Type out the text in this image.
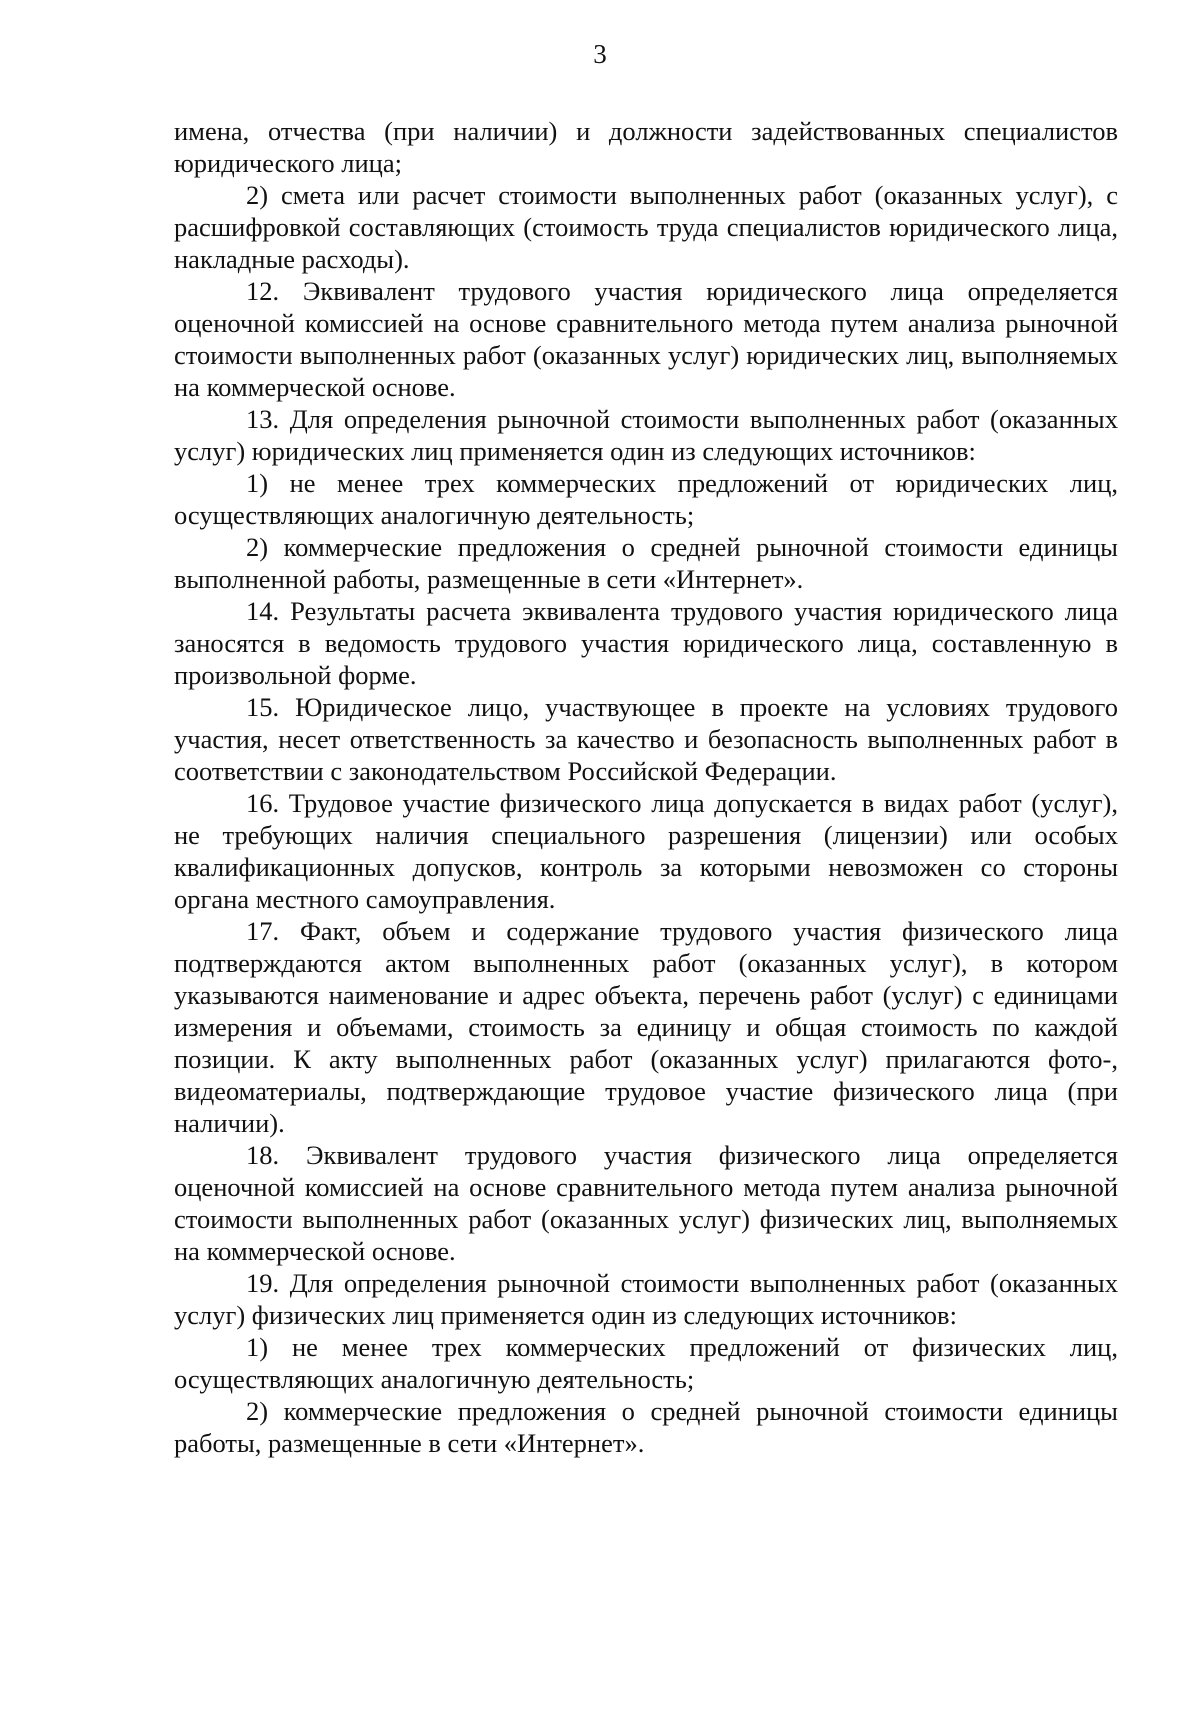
3

имена, отчества (при наличии) и должности задействованных специалистов юридического лица;

2) смета или расчет стоимости выполненных работ (оказанных услуг), с расшифровкой составляющих (стоимость труда специалистов юридического лица, накладные расходы).

12. Эквивалент трудового участия юридического лица определяется оценочной комиссией на основе сравнительного метода путем анализа рыночной стоимости выполненных работ (оказанных услуг) юридических лиц, выполняемых на коммерческой основе.

13. Для определения рыночной стоимости выполненных работ (оказанных услуг) юридических лиц применяется один из следующих источников:

1) не менее трех коммерческих предложений от юридических лиц, осуществляющих аналогичную деятельность;

2) коммерческие предложения о средней рыночной стоимости единицы выполненной работы, размещенные в сети «Интернет».

14. Результаты расчета эквивалента трудового участия юридического лица заносятся в ведомость трудового участия юридического лица, составленную в произвольной форме.

15. Юридическое лицо, участвующее в проекте на условиях трудового участия, несет ответственность за качество и безопасность выполненных работ в соответствии с законодательством Российской Федерации.

16. Трудовое участие физического лица допускается в видах работ (услуг), не требующих наличия специального разрешения (лицензии) или особых квалификационных допусков, контроль за которыми невозможен со стороны органа местного самоуправления.

17. Факт, объем и содержание трудового участия физического лица подтверждаются актом выполненных работ (оказанных услуг), в котором указываются наименование и адрес объекта, перечень работ (услуг) с единицами измерения и объемами, стоимость за единицу и общая стоимость по каждой позиции. К акту выполненных работ (оказанных услуг) прилагаются фото-, видеоматериалы, подтверждающие трудовое участие физического лица (при наличии).

18. Эквивалент трудового участия физического лица определяется оценочной комиссией на основе сравнительного метода путем анализа рыночной стоимости выполненных работ (оказанных услуг) физических лиц, выполняемых на коммерческой основе.

19. Для определения рыночной стоимости выполненных работ (оказанных услуг) физических лиц применяется один из следующих источников:

1) не менее трех коммерческих предложений от физических лиц, осуществляющих аналогичную деятельность;

2) коммерческие предложения о средней рыночной стоимости единицы работы, размещенные в сети «Интернет».
